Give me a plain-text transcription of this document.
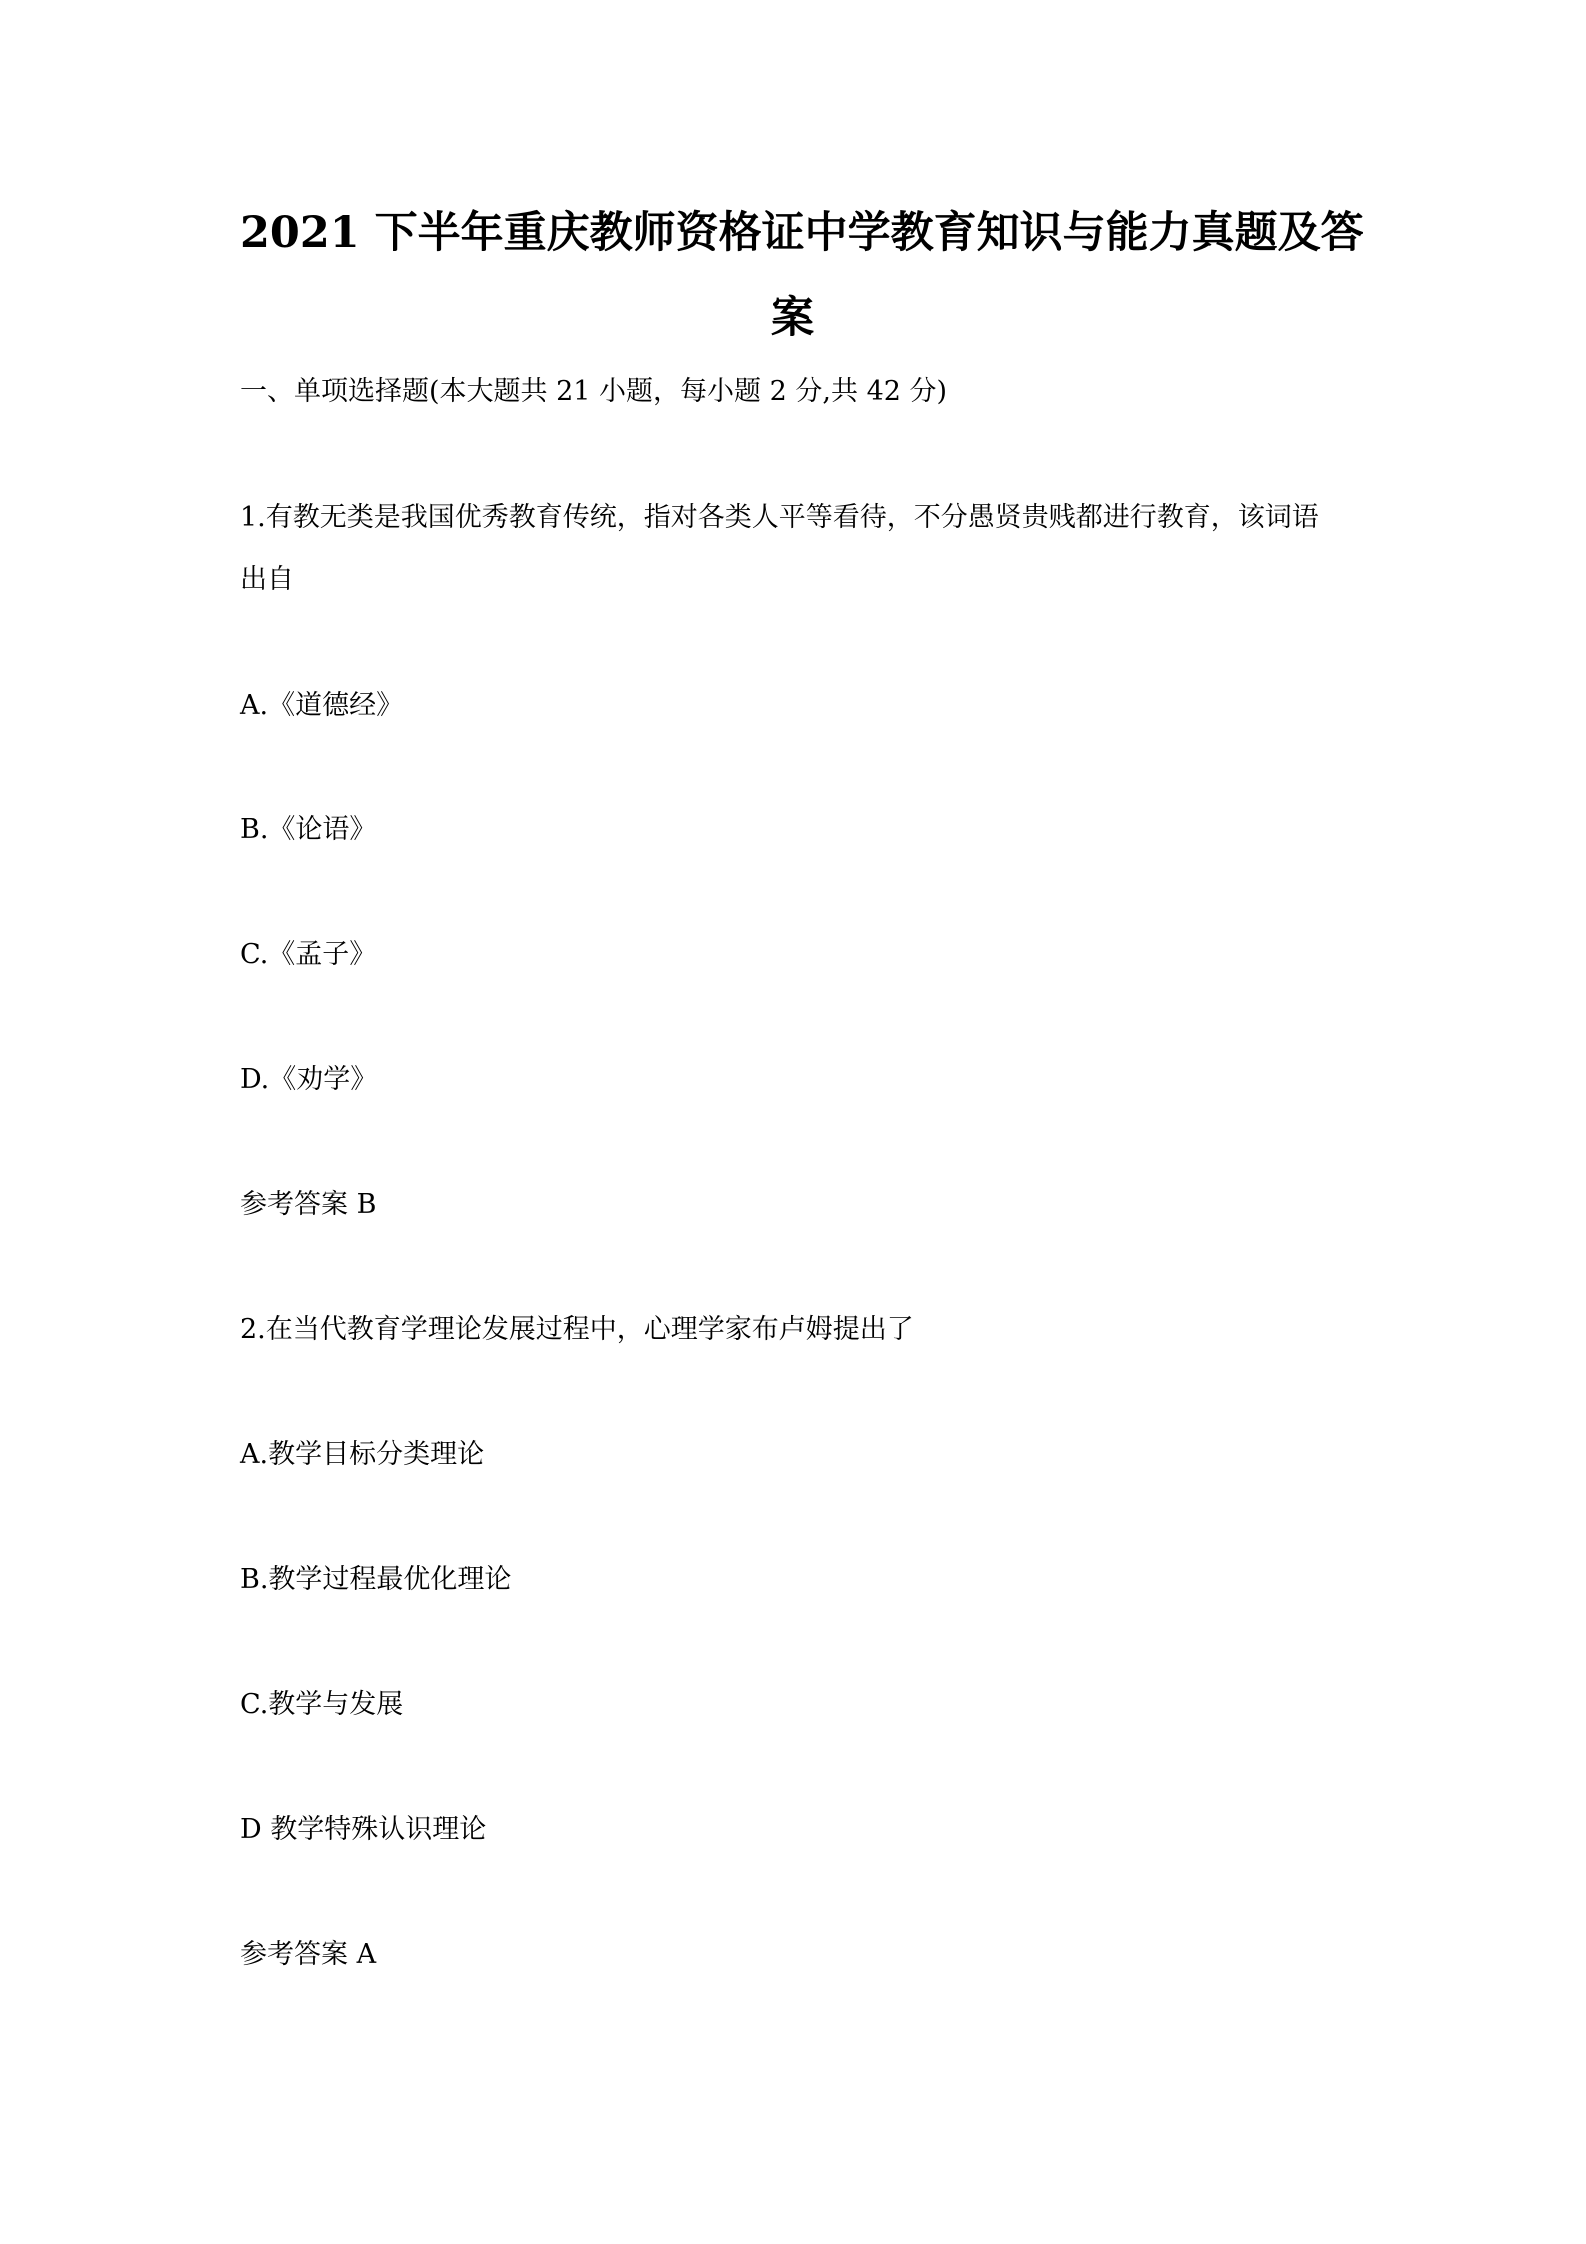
2021 下半年重庆教师资格证中学教育知识与能力真题及答
案
一、单项选择题(本大题共 21 小题，每小题 2 分,共 42 分)
1.有教无类是我国优秀教育传统，指对各类人平等看待，不分愚贤贵贱都进行教育，该词语
出自
A.《道德经》
B.《论语》
C.《孟子》
D.《劝学》
参考答案 B
2.在当代教育学理论发展过程中，心理学家布卢姆提出了
A.教学目标分类理论
B.教学过程最优化理论
C.教学与发展
D 教学特殊认识理论
参考答案 A
